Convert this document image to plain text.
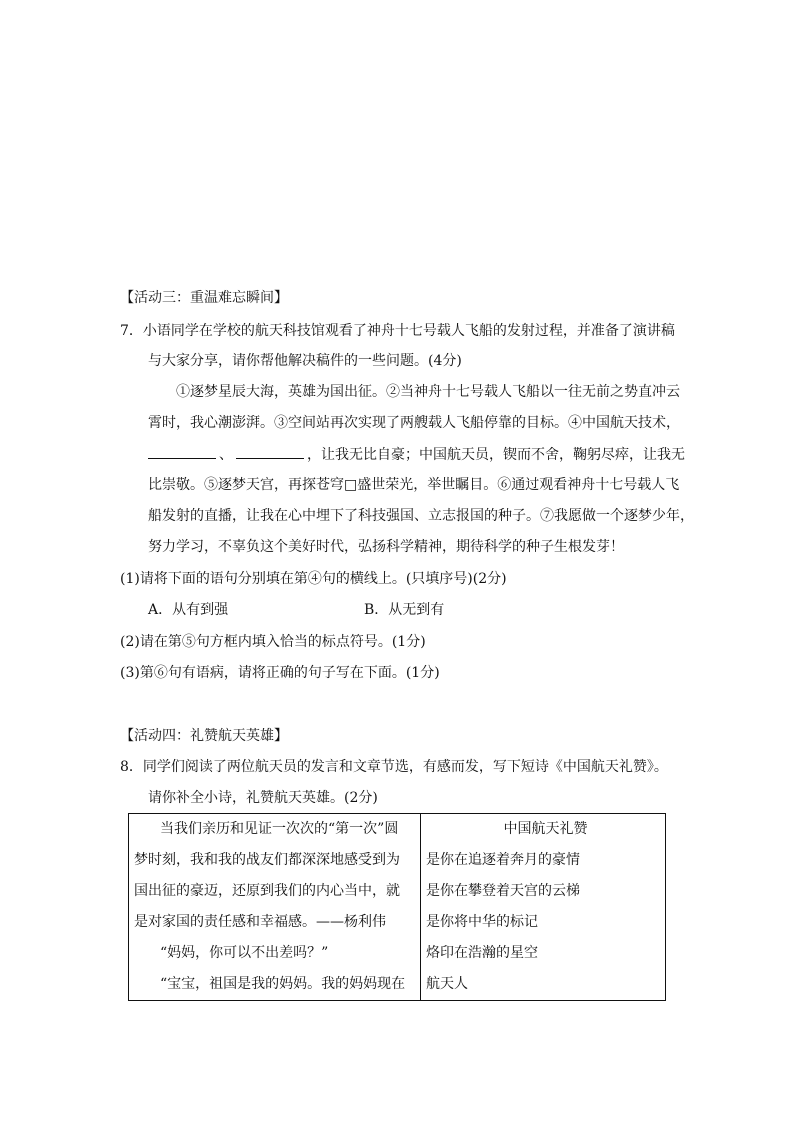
【活动三：重温难忘瞬间】
7．小语同学在学校的航天科技馆观看了神舟十七号载人飞船的发射过程，并准备了演讲稿
与大家分享，请你帮他解决稿件的一些问题。(4分)
①逐梦星辰大海，英雄为国出征。②当神舟十七号载人飞船以一往无前之势直冲云
霄时，我心潮澎湃。③空间站再次实现了两艘载人飞船停靠的目标。④中国航天技术，
、	，让我无比自豪；中国航天员，锲而不舍，鞠躬尽瘁，让我无
比崇敬。⑤逐梦天宫，再探苍穹□盛世荣光，举世瞩目。⑥通过观看神舟十七号载人飞
船发射的直播，让我在心中埋下了科技强国、立志报国的种子。⑦我愿做一个逐梦少年，
努力学习，不辜负这个美好时代，弘扬科学精神，期待科学的种子生根发芽！
(1)请将下面的语句分别填在第④句的横线上。(只填序号)(2分)
A．从有到强	B．从无到有
(2)请在第⑤句方框内填入恰当的标点符号。(1分)
(3)第⑥句有语病，请将正确的句子写在下面。(1分)
【活动四：礼赞航天英雄】
8．同学们阅读了两位航天员的发言和文章节选，有感而发，写下短诗《中国航天礼赞》。
请你补全小诗，礼赞航天英雄。(2分)
当我们亲历和见证一次次的“第一次”圆
梦时刻，我和我的战友们都深深地感受到为
国出征的豪迈，还原到我们的内心当中，就
是对家国的责任感和幸福感。——杨利伟
“妈妈，你可以不出差吗？”
“宝宝，祖国是我的妈妈。我的妈妈现在

中国航天礼赞
是你在追逐着奔月的豪情
是你在攀登着天宫的云梯
是你将中华的标记
烙印在浩瀚的星空
航天人
